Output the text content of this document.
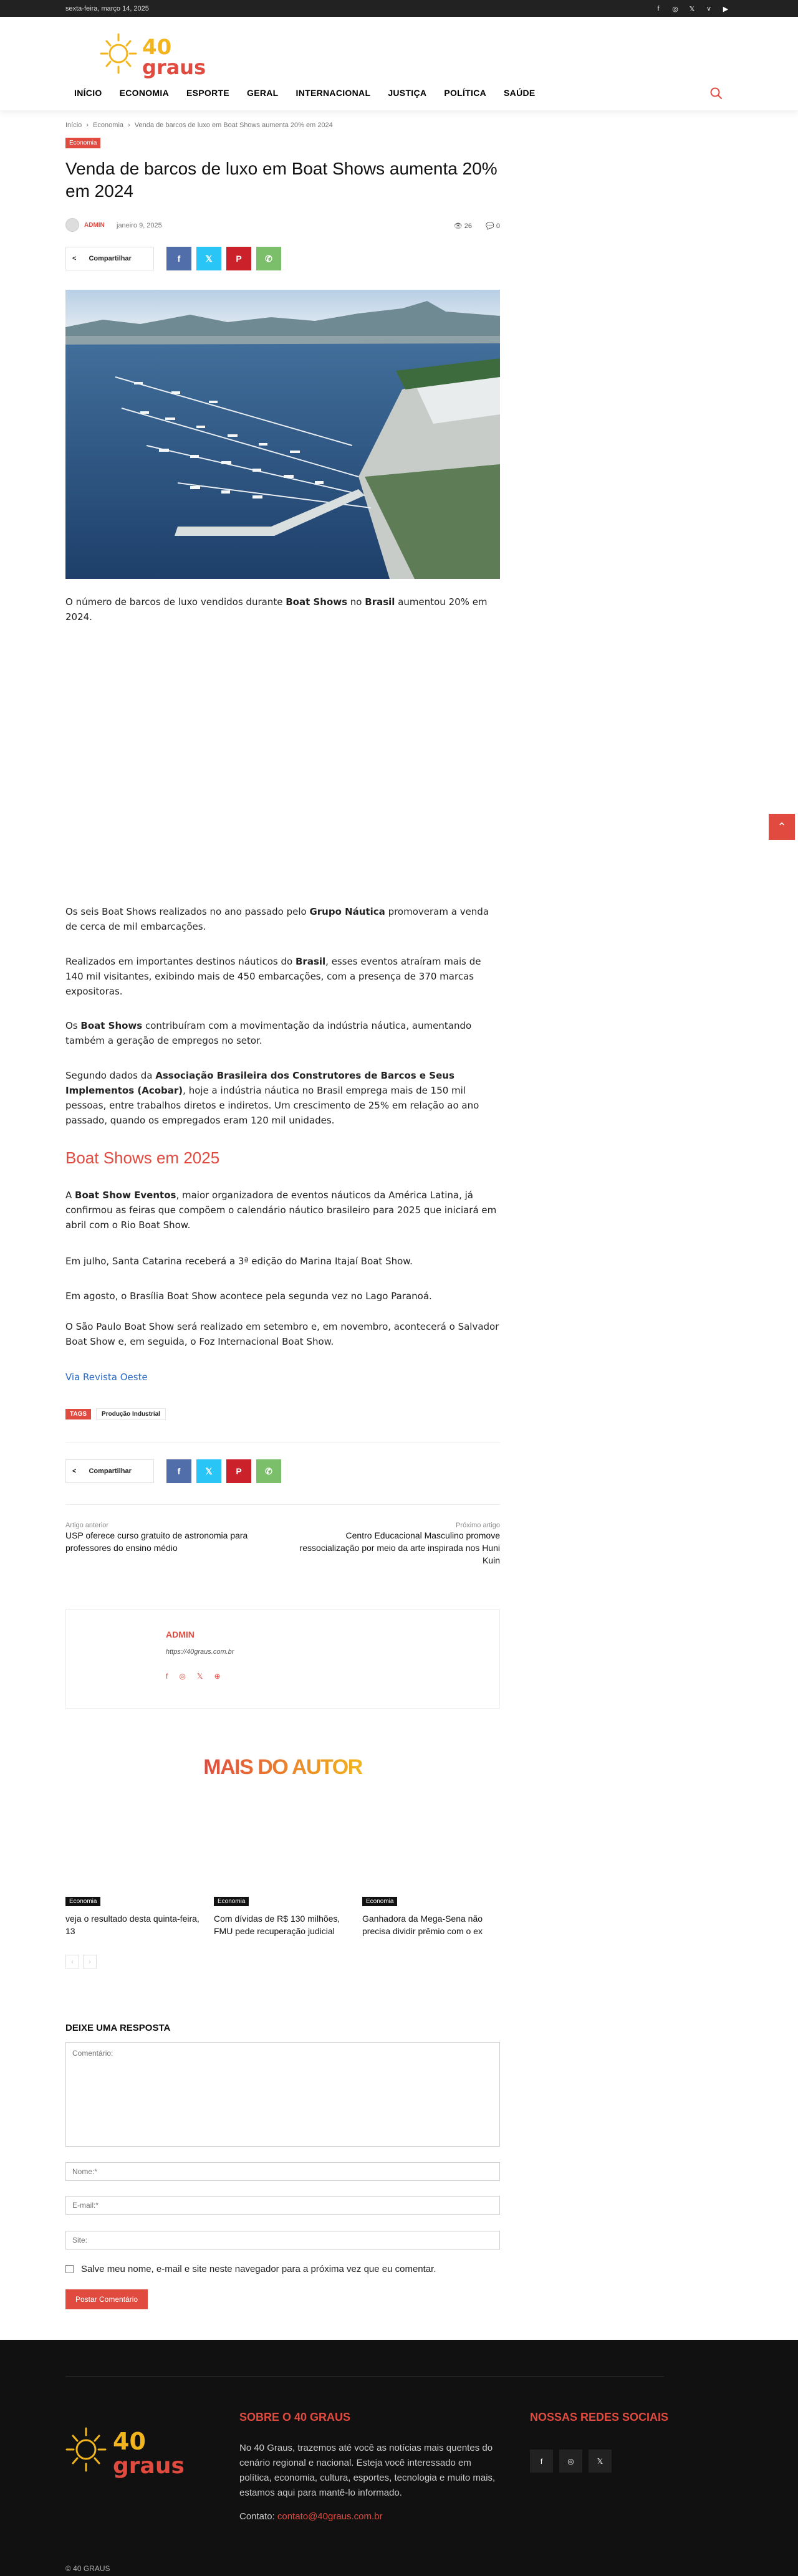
sexta-feira, março 14, 2025	f	◎	𝕏	v	▶
40
graus
INÍCIO	ECONOMIA	ESPORTE	GERAL	INTERNACIONAL	JUSTIÇA	POLÍTICA	SAÚDE
Início › Economia › Venda de barcos de luxo em Boat Shows aumenta 20% em 2024
Economia
Venda de barcos de luxo em Boat Shows aumenta 20% em 2024
ADMIN janeiro 9, 2025	👁 26 💬 0
< Compartilhar	f	𝕏	P	✆

O número de barcos de luxo vendidos durante Boat Shows no Brasil aumentou 20% em 2024.

Os seis Boat Shows realizados no ano passado pelo Grupo Náutica promoveram a venda de cerca de mil embarcações.

Realizados em importantes destinos náuticos do Brasil, esses eventos atraíram mais de 140 mil visitantes, exibindo mais de 450 embarcações, com a presença de 370 marcas expositoras.

Os Boat Shows contribuíram com a movimentação da indústria náutica, aumentando também a geração de empregos no setor.

Segundo dados da Associação Brasileira dos Construtores de Barcos e Seus Implementos (Acobar), hoje a indústria náutica no Brasil emprega mais de 150 mil pessoas, entre trabalhos diretos e indiretos. Um crescimento de 25% em relação ao ano passado, quando os empregados eram 120 mil unidades.

Boat Shows em 2025

A Boat Show Eventos, maior organizadora de eventos náuticos da América Latina, já confirmou as feiras que compõem o calendário náutico brasileiro para 2025 que iniciará em abril com o Rio Boat Show.

Em julho, Santa Catarina receberá a 3ª edição do Marina Itajaí Boat Show.

Em agosto, o Brasília Boat Show acontece pela segunda vez no Lago Paranoá.

O São Paulo Boat Show será realizado em setembro e, em novembro, acontecerá o Salvador Boat Show e, em seguida, o Foz Internacional Boat Show.

Via Revista Oeste
TAGS	Produção Industrial
< Compartilhar	f	𝕏	P	✆
Artigo anterior
USP oferece curso gratuito de astronomia para professores do ensino médio
Próximo artigo
Centro Educacional Masculino promove ressocialização por meio da arte inspirada nos Huni Kuin
ADMIN
https://40graus.com.br
f ◎ 𝕏 ⊕
MAIS DO AUTOR
Economia
veja o resultado desta quinta-feira, 13
Economia
Com dívidas de R$ 130 milhões, FMU pede recuperação judicial
Economia
Ganhadora da Mega-Sena não precisa dividir prêmio com o ex
‹	›
DEIXE UMA RESPOSTA
Comentário:
Nome:*
E-mail:*
Site:
Salve meu nome, e-mail e site neste navegador para a próxima vez que eu comentar.
Postar Comentário
⌃
40
graus
SOBRE O 40 GRAUS
No 40 Graus, trazemos até você as notícias mais quentes do cenário regional e nacional. Esteja você interessado em política, economia, cultura, esportes, tecnologia e muito mais, estamos aqui para mantê-lo informado.
Contato: contato@40graus.com.br
NOSSAS REDES SOCIAIS
f	◎	𝕏
© 40 GRAUS
